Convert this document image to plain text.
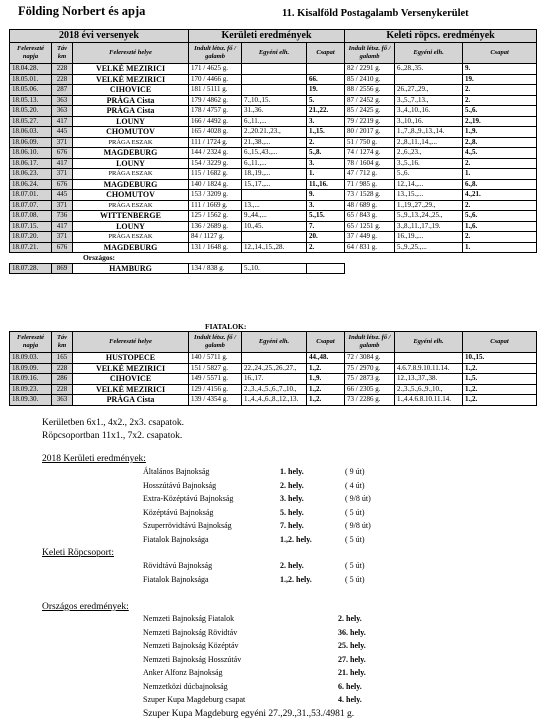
Földing Norbert és apja	11. Kisalföld Postagalamb Versenykerület
2018 évi versenyek			Kerületi eredmények			Keleti röpcs. eredmények		
Felereszté napja	Táv km	Felereszté helye	Indult létsz. fő / galamb	Egyéni elh.	Csapat	Indult létsz. fő / galamb	Egyéni elh.	Csapat
18.04.28.	228	VELKÉ MEZIRICI	171 / 4625 g.			82 / 2291 g.	6.,28.,35.	9.
18.05.01.	228	VELKÉ MEZIRICI	170 / 4466 g.		66.	85 / 2410 g.		19.
18.05.06.	287	CIHOVICE	181 / 5111 g.		19.	88 / 2556 g.	26.,27.,29.,	2.
18.05.13.	363	PRÁGA Cista	179 / 4862 g.	7.,10.,15.	5.	87 / 2452 g.	3.,5.,7.,13.,	2.
18.05.20.	363	PRÁGA Cista	178 / 4757 g.	31.,36.	21.,22.	85 / 2425 g.	3.,4.,10.,16.	5.,6.
18.05.27.	417	LOUNY	166 / 4492 g.	6.,11.,...	3.	79 / 2219 g.	3.,10.,16.	2.,19.
18.06.03.	445	CHOMUTOV	165 / 4028 g.	2.,20.21.,23.,	1.,15.	80 / 2017 g.	1.,7.,8.,9.,13.,14.	1.,9.
18.06.09.	371	PRÁGA ESZAK	111 / 1724 g.	21.,38.,...	2.	51 / 750 g.	2.,8.,11.,14.,...	2.,8.
18.06.10.	676	MAGDEBURG	144 / 2324 g.	6.,15.,43.,...	5.,8.	74 / 1274 g.	2.,6.,23.,	4.,5.
18.06.17.	417	LOUNY	154 / 3229 g.	6.,11.,...	3.	78 / 1604 g.	3.,5.,16.	2.
18.06.23.	371	PRÁGA ESZAK	115 / 1682 g.	18.,19.,...	1.	47 / 712 g.	5.,6.	1.
18.06.24.	676	MAGDEBURG	140 / 1824 g.	15.,17.,...	11.,16.	71 / 985 g.	12.,14.,...	6.,8.
18.07.01.	445	CHOMUTOV	153 / 3209 g.		9.	73 / 1528 g.	13.,15.,...	4.,21.
18.07.07.	371	PRÁGA ESZAK	111 / 1669 g.	13.,...	3.	48 / 689 g.	1.,19.,27.,29.,	2.
18.07.08.	736	WITTENBERGE	125 / 1562 g.	9.,44.,...	5.,15.	65 / 843 g.	5.,9.,13.,24.,25.,	5.,6.
18.07.15.	417	LOUNY	136 / 2689 g.	10.,45.	7.	65 / 1251 g.	3.,8.,11.,17.,19.	1.,6.
18.07.20.	371	PRÁGA ESZAK	84 / 1127 g.		20.	37 / 449 g.	16.,19.,...	2.
18.07.21.	676	MAGDEBURG	131 / 1648 g.	12.,14.,15.,28.	2.	64 / 831 g.	5.,9.,25.,...	1.
Országos:								
18.07.28.	869	HAMBURG	134 / 838 g.	5.,10.				
FIATALOK:
Felereszté napja	Táv km	Felereszté helye	Indult létsz. fő / galamb	Egyéni elh.	Csapat	Indult létsz. fő / galamb	Egyéni elh.	Csapat
18.09.03.	165	HUSTOPECE	140 / 5711 g.		44.,48.	72 / 3084 g.		10.,15.
18.09.09.	228	VELKÉ MEZIRICI	151 / 5827 g.	22.,24.,25.,26.,27.,	1.,2.	75 / 2970 g.	4.6.7.8.9.10.11.14.	1.,2.
18.09.16.	286	CIHOVICE	149 / 5571 g.	16.,17.	1.,9.	75 / 2873 g.	12.,13.,37.,38.	1.,5.
18.09.23.	228	VELKÉ MEZIRICI	129 / 4156 g.	2.,3.,4.,5.,6.,7.,10.,	1.,2.	66 / 2305 g.	2.,3.,5.,6.,9.,10.,	1.,2.
18.09.30.	363	PRÁGA Cista	139 / 4354 g.	1.,4.,4.,6.,8.,12.,13.	1.,2.	73 / 2286 g.	1.,4.4.6.8.10.11.14.	1.,2.
Kerületben 6x1., 4x2., 2x3. csapatok.
Röpcsoportban 11x1., 7x2. csapatok.
2018 Kerületi eredmények:
Általános Bajnokság	1. hely.	( 9 út)
Hosszútávú Bajnokság	2. hely.	( 4 út)
Extra-Középtávú Bajnokság	3. hely.	( 9/8 út)
Középtávú Bajnokság	5. hely.	( 5 út)
Szuperrövidtávú Bajnokság	7. hely.	( 9/8 út)
Fiatalok Bajnoksága	1.,2. hely.	( 5 út)
Keleti Röpcsoport:
Rövidtávú Bajnokság	2. hely.	( 5 út)
Fiatalok Bajnoksága	1.,2. hely.	( 5 út)
Országos eredmények:
Nemzeti Bajnokság Fiatalok	2. hely.
Nemzeti Bajnokság Rövidtáv	36. hely.
Nemzeti Bajnokság Középtáv	25. hely.
Nemzeti Bajnokság Hosszútáv	27. hely.
Anker Alfonz Bajnokság	21. hely.
Nemzetközi dúcbajnokság	6. hely.
Szuper Kupa Magdeburg csapat	4. hely.
Szuper Kupa Magdeburg egyéni 27.,29.,31.,53./4981 g.
